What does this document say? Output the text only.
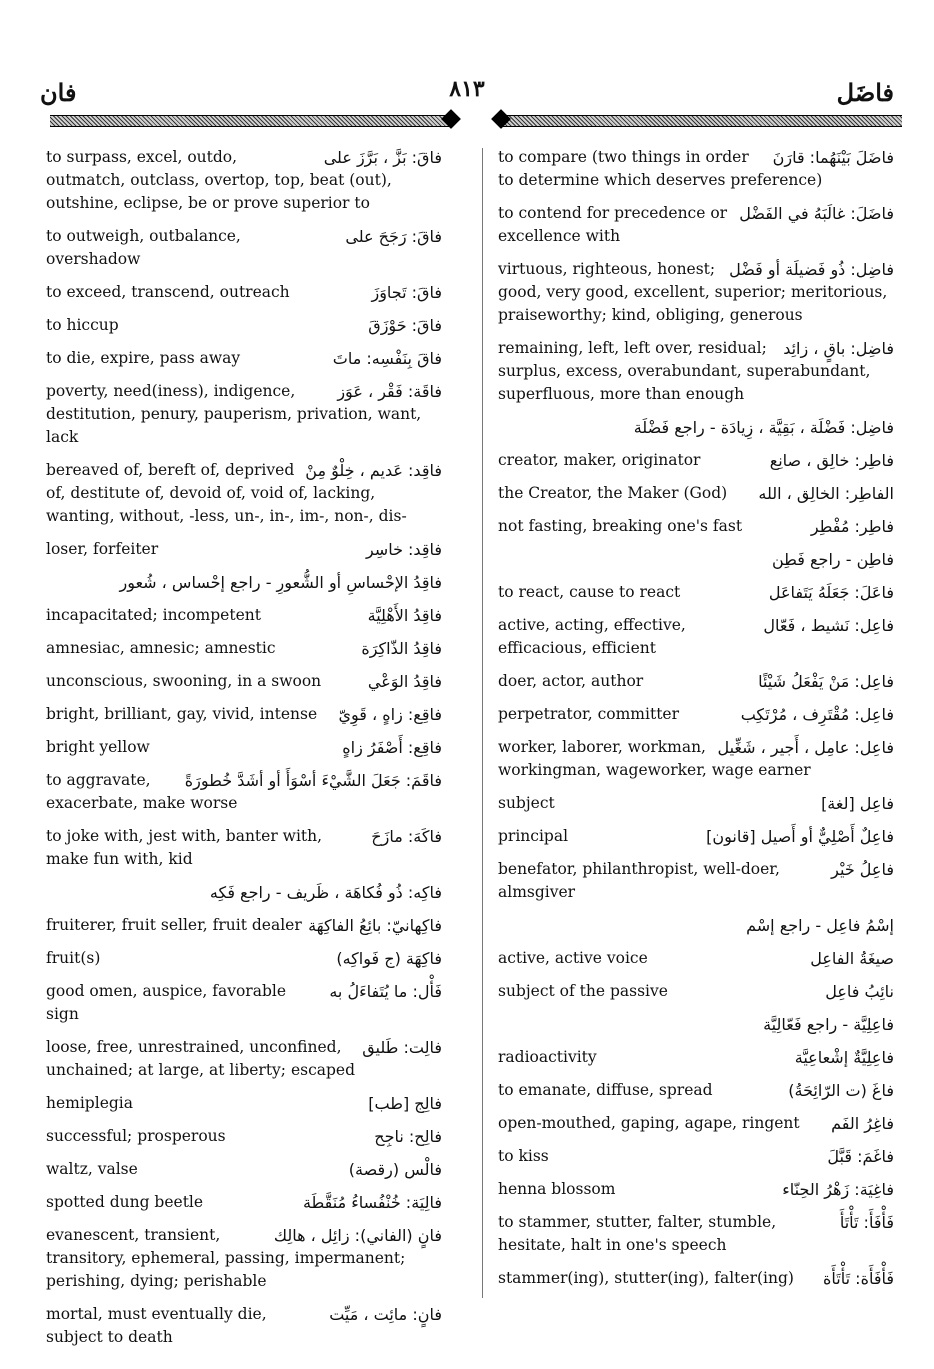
فان	٨١٣	فاضَل
فاقَ: بَزَّ ، بَرَّزَ على
to surpass, excel, outdo, outmatch, outclass, overtop, top, beat (out), outshine, eclipse, be or prove superior to
فاقَ: رَجَحَ على
to outweigh, outbalance, overshadow
فاقَ: تَجاوَزَ
to exceed, transcend, outreach
فاقَ: حَوْزَقَ
to hiccup
فاقَ بِنَفْسِه: ماتَ
to die, expire, pass away
فاقَة: فَقْر ، عَوَز
poverty, need(iness), indigence, destitution, penury, pauperism, privation, want, lack
فاقِد: عَديم ، خِلْوٌ مِنْ
bereaved of, bereft of, deprived of, destitute of, devoid of, void of, lacking, wanting, without, -less, un-, in-, im-, non-, dis-
فاقِد: خاسِر
loser, forfeiter
فاقِدُ الإحْساسِ أو الشُّعورِ - راجع إحْساس ، شُعور
فاقِدُ الأَهْلِيَّة
incapacitated; incompetent
فاقِدُ الذّاكِرَة
amnesiac, amnesic; amnestic
فاقِدُ الوَعْي
unconscious, swooning, in a swoon
فاقِع: زاهٍ ، قَوِيّ
bright, brilliant, gay, vivid, intense
فاقِع: أَصْفَرُ زاهٍ
bright yellow
فاقَمَ: جَعَلَ الشَّيْءَ أسْوَأَ أو أشَدَّ خُطورَةً
to aggravate, exacerbate, make worse
فاكَهَ: مازَحَ
to joke with, jest with, banter with, make fun with, kid
فاكِه: ذُو فُكاهَة ، ظَريف - راجع فَكِه
فاكِهانيّ: بائِعُ الفاكِهَة
fruiterer, fruit seller, fruit dealer
فاكِهَة (ج فَواكِه)
fruit(s)
فَأْل: ما يُتَفاءَلُ به
good omen, auspice, favorable sign
فالِت: طَليق
loose, free, unrestrained, unconfined, unchained; at large, at liberty; escaped
فالِج [طب]
hemiplegia
فالِح: ناجِح
successful; prosperous
فالْس (رقصة)
waltz, valse
فالِيَة: خُنْفُساءُ مُنَقَّطَة
spotted dung beetle
فانٍ (الفاني): زائِل ، هالِك
evanescent, transient, transitory, ephemeral, passing, impermanent; perishing, dying; perishable
فانٍ: مائِت ، مَيِّت
mortal, must eventually die, subject to death
فاضَلَ بَيْنَهُما: قارَنَ
to compare (two things in order to determine which deserves preference)
فاضَلَ: غالَبَهُ في الفَضْل
to contend for precedence or excellence with
فاضِل: ذُو فَضيلَة أو فَضْل
virtuous, righteous, honest; good, very good, excellent, superior; meritorious, praiseworthy; kind, obliging, generous
فاضِل: باقٍ ، زائِد
remaining, left, left over, residual; surplus, excess, overabundant, superabundant, superfluous, more than enough
فاضِل: فَضْلَة ، بَقِيَّة ، زِيادَة - راجع فَضْلَة
فاطِر: خالِق ، صانِع
creator, maker, originator
الفاطِر: الخالِق ، الله
the Creator, the Maker (God)
فاطِر: مُفْطِر
not fasting, breaking one's fast
فاطِن - راجع فَطِن
فاعَلَ: جَعَلَهُ يَتَفاعَل
to react, cause to react
فاعِل: نَشيط ، فَعّال
active, acting, effective, efficacious, efficient
فاعِل: مَنْ يَفْعَلُ شَيْئًا
doer, actor, author
فاعِل: مُقْتَرِف ، مُرْتَكِب
perpetrator, committer
فاعِل: عامِل ، أَجير ، شَغِّيل
worker, laborer, workman, workingman, wageworker, wage earner
فاعِل [لغة]
subject
فاعِلٌ أَصْلِيٌّ أو أَصيل [قانون]
principal
فاعِلُ خَيْر
benefator, philanthropist, well-doer, almsgiver
إسْمُ فاعِل - راجع إسْم
صيغَةُ الفاعِل
active, active voice
نائِبُ فاعِل
subject of the passive
فاعِلِيَّة - راجع فَعّالِيَّة
فاعِلِيَّةٌ إشْعاعِيَّة
radioactivity
فاغَ (ت الرّائِحَةُ)
to emanate, diffuse, spread
فاغِرُ الفَم
open-mouthed, gaping, agape, ringent
فاغَمَ: قَبَّلَ
to kiss
فاغِيَة: زَهْرُ الحِنّاء
henna blossom
فَأْفَأَ: تَأْتَأَ
to stammer, stutter, falter, stumble, hesitate, halt in one's speech
فَأْفَأَة: تَأْتَأَة
stammer(ing), stutter(ing), falter(ing)
